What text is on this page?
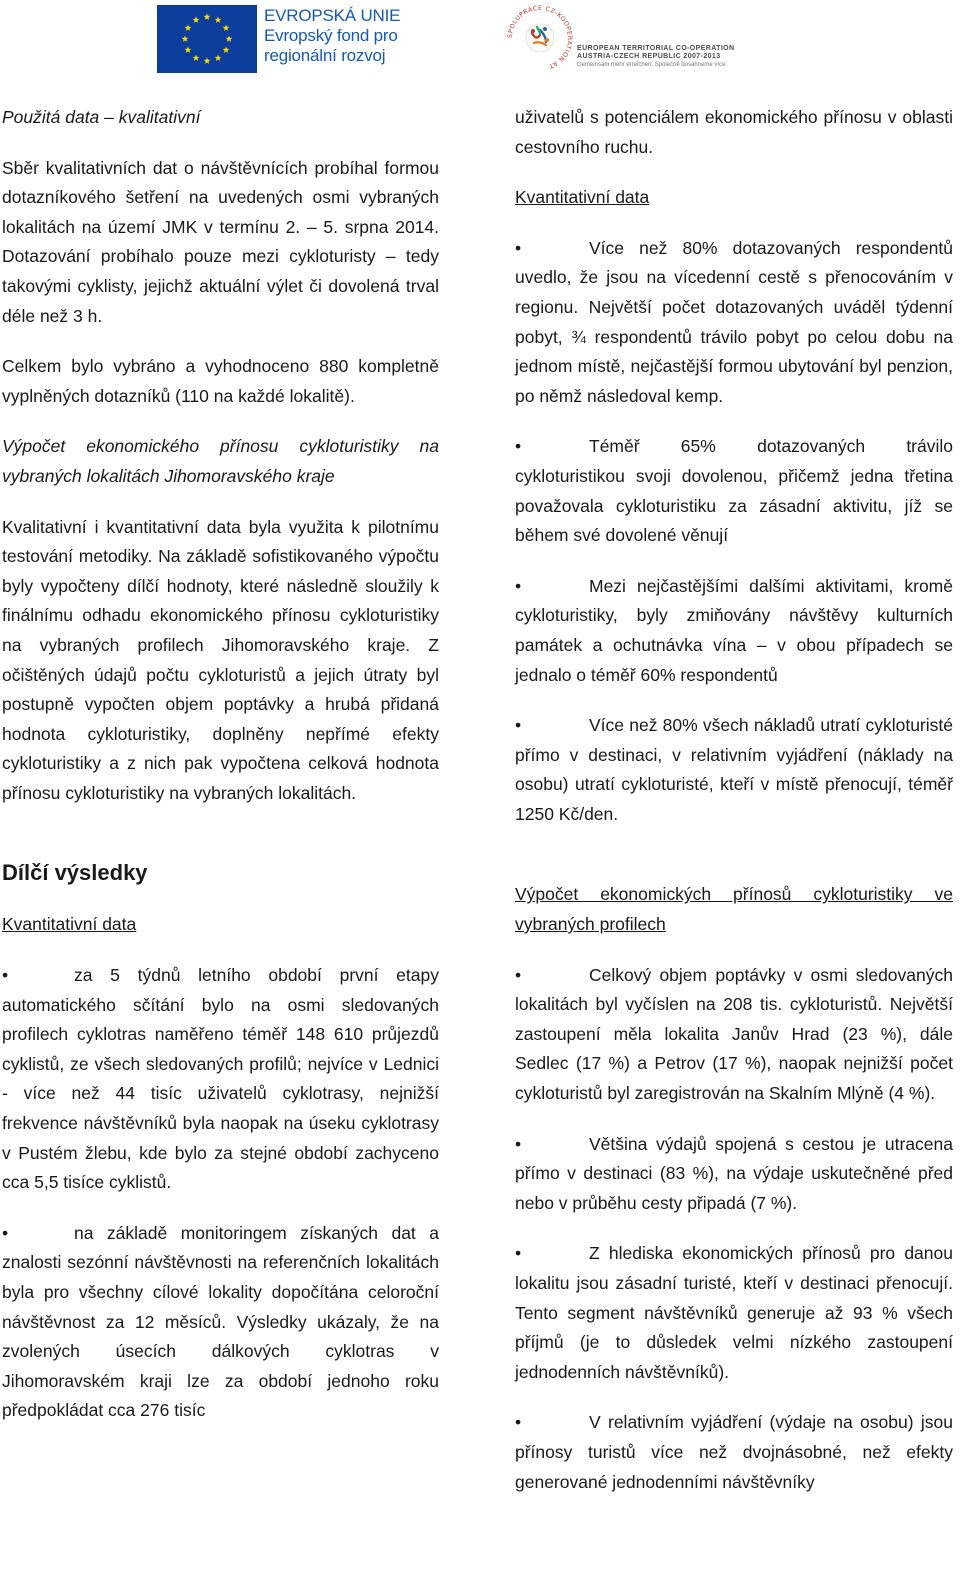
EVROPSKÁ UNIE
Evropský fond pro
regionální rozvoj
SPOLUPRÁCE CZ-KOOPERATION AT
EUROPEAN TERRITORIAL CO-OPERATION
AUSTRIA-CZECH REPUBLIC 2007-2013
Gemeinsam mehr erreichen. Společně dosáhneme více.
Použitá data – kvalitativní
Sběr kvalitativních dat o návštěvnících probíhal formou dotazníkového šetření na uvedených osmi vybraných lokalitách na území JMK v termínu 2. – 5. srpna 2014. Dotazování probíhalo pouze mezi cykloturisty – tedy takovými cyklisty, jejichž aktuální výlet či dovolená trval déle než 3 h.
Celkem bylo vybráno a vyhodnoceno 880 kompletně vyplněných dotazníků (110 na každé lokalitě).
Výpočet ekonomického přínosu cykloturistiky na vybraných lokalitách Jihomoravského kraje
Kvalitativní i kvantitativní data byla využita k pilotnímu testování metodiky. Na základě sofistikovaného výpočtu byly vypočteny dílčí hodnoty, které následně sloužily k finálnímu odhadu ekonomického přínosu cykloturistiky na vybraných profilech Jihomoravského kraje. Z očištěných údajů počtu cykloturistů a jejich útraty byl postupně vypočten objem poptávky a hrubá přidaná hodnota cykloturistiky, doplněny nepřímé efekty cykloturistiky a z nich pak vypočtena celková hodnota přínosu cykloturistiky na vybraných lokalitách.
Dílčí výsledky
Kvantitativní data
•	za 5 týdnů letního období první etapy automatického sčítání bylo na osmi sledovaných profilech cyklotras naměřeno téměř 148 610 průjezdů cyklistů, ze všech sledovaných profilů; nejvíce v Lednici - více než 44 tisíc uživatelů cyklotrasy, nejnižší frekvence návštěvníků byla naopak na úseku cyklotrasy v Pustém žlebu, kde bylo za stejné období zachyceno cca 5,5 tisíce cyklistů.
•	na základě monitoringem získaných dat a znalosti sezónní návštěvnosti na referenčních lokalitách byla pro všechny cílové lokality dopočítána celoroční návštěvnost za 12 měsíců. Výsledky ukázaly, že na zvolených úsecích dálkových cyklotras v Jihomoravském kraji lze za období jednoho roku předpokládat cca 276 tisíc
uživatelů s potenciálem ekonomického přínosu v oblasti cestovního ruchu.
Kvantitativní data
•	Více než 80% dotazovaných respondentů uvedlo, že jsou na vícedenní cestě s přenocováním v regionu. Největší počet dotazovaných uváděl týdenní pobyt, ¾ respondentů trávilo pobyt po celou dobu na jednom místě, nejčastější formou ubytování byl penzion, po němž následoval kemp.
•	Téměř 65% dotazovaných trávilo cykloturistikou svoji dovolenou, přičemž jedna třetina považovala cykloturistiku za zásadní aktivitu, jíž se během své dovolené věnují
•	Mezi nejčastějšími dalšími aktivitami, kromě cykloturistiky, byly zmiňovány návštěvy kulturních památek a ochutnávka vína – v obou případech se jednalo o téměř 60% respondentů
•	Více než 80% všech nákladů utratí cykloturisté přímo v destinaci, v relativním vyjádření (náklady na osobu) utratí cykloturisté, kteří v místě přenocují, téměř 1250 Kč/den.
Výpočet ekonomických přínosů cykloturistiky ve vybraných profilech
•	Celkový objem poptávky v osmi sledovaných lokalitách byl vyčíslen na 208 tis. cykloturistů. Největší zastoupení měla lokalita Janův Hrad (23 %), dále Sedlec (17 %) a Petrov (17 %), naopak nejnižší počet cykloturistů byl zaregistrován na Skalním Mlýně (4 %).
•	Většina výdajů spojená s cestou je utracena přímo v destinaci (83 %), na výdaje uskutečněné před nebo v průběhu cesty připadá (7 %).
•	Z hlediska ekonomických přínosů pro danou lokalitu jsou zásadní turisté, kteří v destinaci přenocují. Tento segment návštěvníků generuje až 93 % všech příjmů (je to důsledek velmi nízkého zastoupení jednodenních návštěvníků).
•	V relativním vyjádření (výdaje na osobu) jsou přínosy turistů více než dvojnásobné, než efekty generované jednodenními návštěvníky
